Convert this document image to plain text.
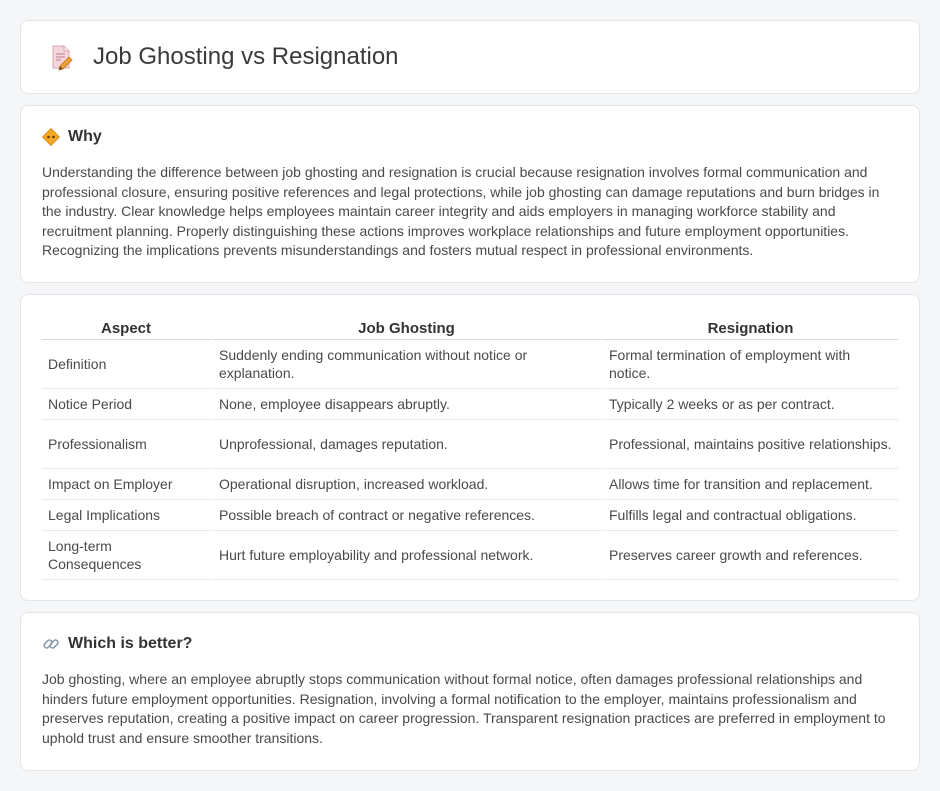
Job Ghosting vs Resignation
Why

Understanding the difference between job ghosting and resignation is crucial because resignation involves formal communication and professional closure, ensuring positive references and legal protections, while job ghosting can damage reputations and burn bridges in the industry. Clear knowledge helps employees maintain career integrity and aids employers in managing workforce stability and recruitment planning. Properly distinguishing these actions improves workplace relationships and future employment opportunities. Recognizing the implications prevents misunderstandings and fosters mutual respect in professional environments.

Aspect	Job Ghosting	Resignation
Definition	Suddenly ending communication without notice or explanation.	Formal termination of employment with notice.
Notice Period	None, employee disappears abruptly.	Typically 2 weeks or as per contract.
Professionalism	Unprofessional, damages reputation.	Professional, maintains positive relationships.
Impact on Employer	Operational disruption, increased workload.	Allows time for transition and replacement.
Legal Implications	Possible breach of contract or negative references.	Fulfills legal and contractual obligations.
Long-term Consequences	Hurt future employability and professional network.	Preserves career growth and references.
Which is better?

Job ghosting, where an employee abruptly stops communication without formal notice, often damages professional relationships and hinders future employment opportunities. Resignation, involving a formal notification to the employer, maintains professionalism and preserves reputation, creating a positive impact on career progression. Transparent resignation practices are preferred in employment to uphold trust and ensure smoother transitions.
